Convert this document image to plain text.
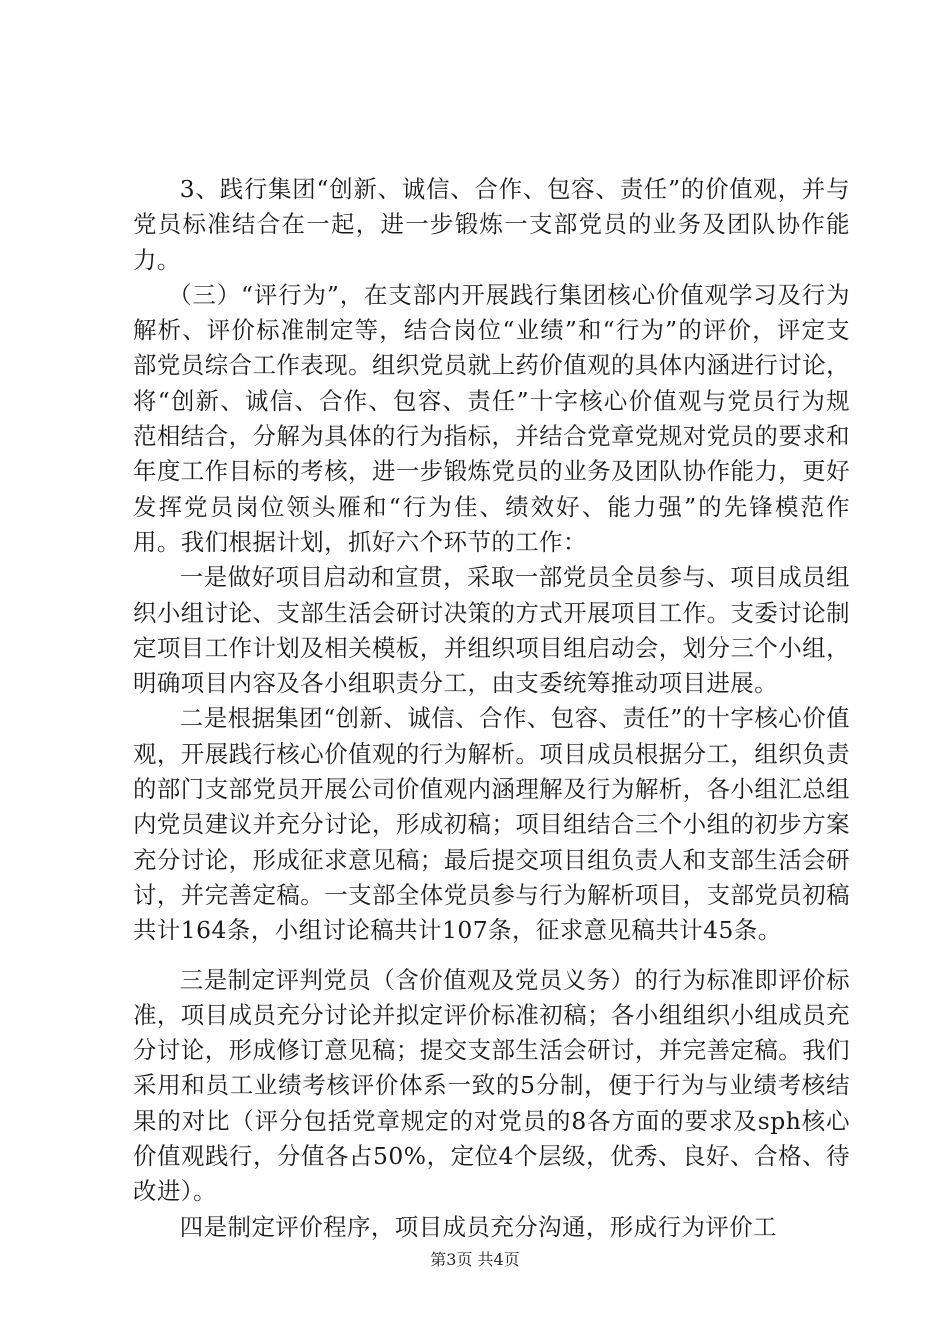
3、践行集团“创新、诚信、合作、包容、责任”的价值观，并与党员标准结合在一起，进一步锻炼一支部党员的业务及团队协作能力。

（三）“评行为”，在支部内开展践行集团核心价值观学习及行为解析、评价标准制定等，结合岗位“业绩”和“行为”的评价，评定支部党员综合工作表现。组织党员就上药价值观的具体内涵进行讨论，将“创新、诚信、合作、包容、责任”十字核心价值观与党员行为规范相结合，分解为具体的行为指标，并结合党章党规对党员的要求和年度工作目标的考核，进一步锻炼党员的业务及团队协作能力，更好发挥党员岗位领头雁和“行为佳、绩效好、能力强”的先锋模范作用。我们根据计划，抓好六个环节的工作：

一是做好项目启动和宣贯，采取一部党员全员参与、项目成员组织小组讨论、支部生活会研讨决策的方式开展项目工作。支委讨论制定项目工作计划及相关模板，并组织项目组启动会，划分三个小组，明确项目内容及各小组职责分工，由支委统筹推动项目进展。

二是根据集团“创新、诚信、合作、包容、责任”的十字核心价值观，开展践行核心价值观的行为解析。项目成员根据分工，组织负责的部门支部党员开展公司价值观内涵理解及行为解析，各小组汇总组内党员建议并充分讨论，形成初稿；项目组结合三个小组的初步方案充分讨论，形成征求意见稿；最后提交项目组负责人和支部生活会研讨，并完善定稿。一支部全体党员参与行为解析项目，支部党员初稿共计164条，小组讨论稿共计107条，征求意见稿共计45条。

三是制定评判党员（含价值观及党员义务）的行为标准即评价标准，项目成员充分讨论并拟定评价标准初稿；各小组组织小组成员充分讨论，形成修订意见稿；提交支部生活会研讨，并完善定稿。我们采用和员工业绩考核评价体系一致的5分制，便于行为与业绩考核结果的对比（评分包括党章规定的对党员的8各方面的要求及sph核心价值观践行，分值各占50%，定位4个层级，优秀、良好、合格、待改进）。

四是制定评价程序，项目成员充分沟通，形成行为评价工

第3页 共4页
